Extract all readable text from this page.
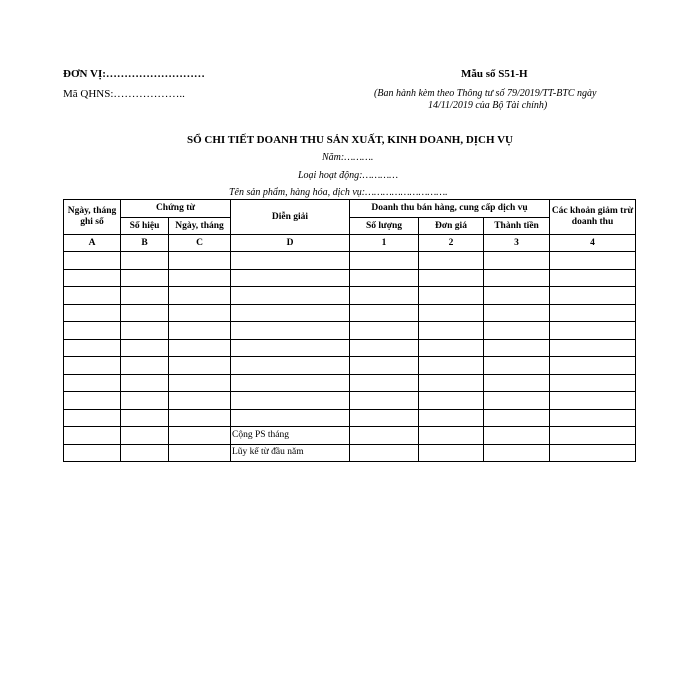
ĐƠN VỊ:………………………
Mã QHNS:………………..
Mẫu số S51-H
(Ban hành kèm theo Thông tư số 79/2019/TT-BTC ngày
14/11/2019 của Bộ Tài chính)
SỔ CHI TIẾT DOANH THU SẢN XUẤT, KINH DOANH, DỊCH VỤ
Năm:……….
Loại hoạt động:…………
Tên sản phẩm, hàng hóa, dịch vụ:……………………….
Ngày, tháng ghi sổ	Chứng từ		Diễn giải	Doanh thu bán hàng, cung cấp dịch vụ			Các khoản giảm trừ doanh thu
	Số hiệu	Ngày, tháng		Số lượng	Đơn giá	Thành tiền	
A	B	C	D	1	2	3	4

			Cộng PS tháng				
			Lũy kế từ đầu năm				
